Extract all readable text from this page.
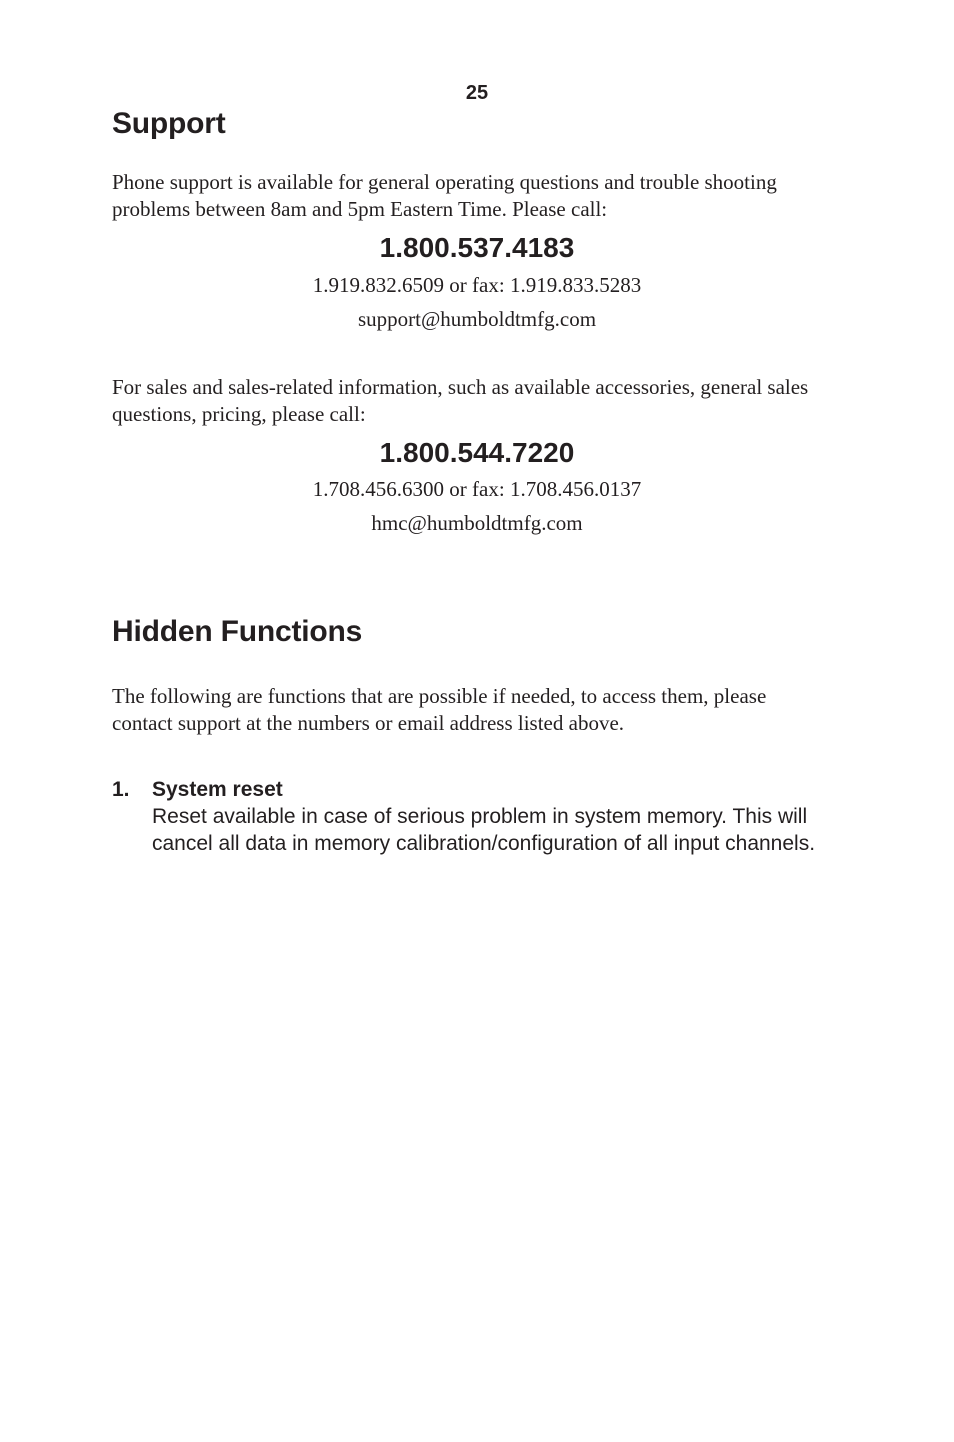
25
Support

Phone support is available for general operating questions and trouble shooting problems between 8am and 5pm Eastern Time. Please call:

1.800.537.4183
1.919.832.6509 or fax: 1.919.833.5283
support@humboldtmfg.com

For sales and sales-related information, such as available accessories, general sales questions, pricing, please call:

1.800.544.7220
1.708.456.6300 or fax: 1.708.456.0137
hmc@humboldtmfg.com
Hidden Functions

The following are functions that are possible if needed, to access them, please contact support at the numbers or email address listed above.

1. System reset

Reset available in case of serious problem in system memory. This will cancel all data in memory calibration/configuration of all input channels.
